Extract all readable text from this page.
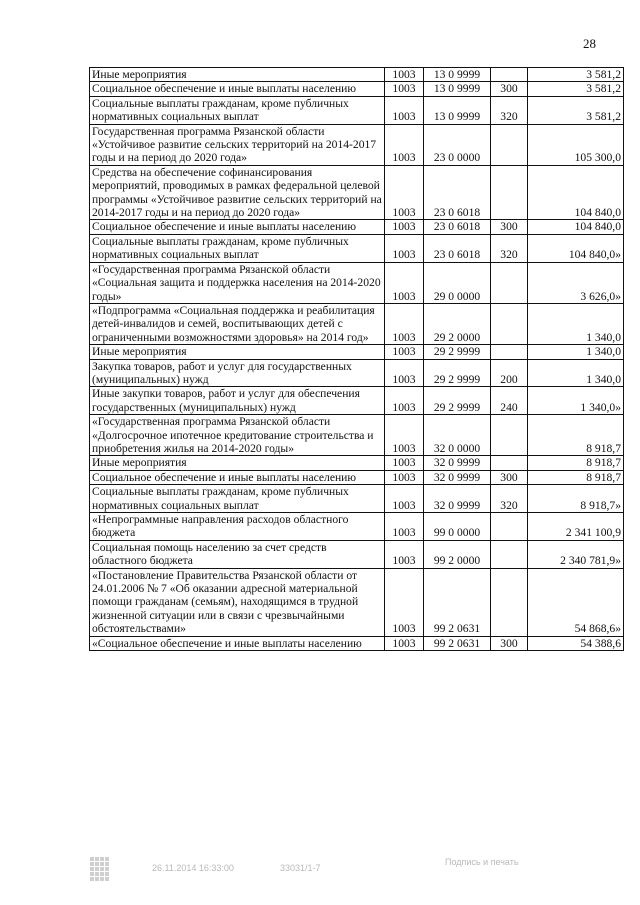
28
Иные мероприятия	1003	13 0 9999		3 581,2
Социальное обеспечение и иные выплаты населению	1003	13 0 9999	300	3 581,2
Социальные выплаты гражданам, кроме публичных нормативных социальных выплат	1003	13 0 9999	320	3 581,2
Государственная программа Рязанской области «Устойчивое развитие сельских территорий на 2014-2017 годы и на период до 2020 года»	1003	23 0 0000		105 300,0
Средства на обеспечение софинансирования мероприятий, проводимых в рамках федеральной целевой программы «Устойчивое развитие сельских территорий на 2014-2017 годы и на период до 2020 года»	1003	23 0 6018		104 840,0
Социальное обеспечение и иные выплаты населению	1003	23 0 6018	300	104 840,0
Социальные выплаты гражданам, кроме публичных нормативных социальных выплат	1003	23 0 6018	320	104 840,0»
«Государственная программа Рязанской области «Социальная защита и поддержка населения на 2014-2020 годы»	1003	29 0 0000		3 626,0»
«Подпрограмма «Социальная поддержка и реабилитация детей-инвалидов и семей, воспитывающих детей с ограниченными возможностями здоровья» на 2014 год»	1003	29 2 0000		1 340,0
Иные мероприятия	1003	29 2 9999		1 340,0
Закупка товаров, работ и услуг для государственных (муниципальных) нужд	1003	29 2 9999	200	1 340,0
Иные закупки товаров, работ и услуг для обеспечения государственных (муниципальных) нужд	1003	29 2 9999	240	1 340,0»
«Государственная программа Рязанской области «Долгосрочное ипотечное кредитование строительства и приобретения жилья на 2014-2020 годы»	1003	32 0 0000		8 918,7
Иные мероприятия	1003	32 0 9999		8 918,7
Социальное обеспечение и иные выплаты населению	1003	32 0 9999	300	8 918,7
Социальные выплаты гражданам, кроме публичных нормативных социальных выплат	1003	32 0 9999	320	8 918,7»
«Непрограммные направления расходов областного бюджета	1003	99 0 0000		2 341 100,9
Социальная помощь населению за счет средств областного бюджета	1003	99 2 0000		2 340 781,9»
«Постановление Правительства Рязанской области от 24.01.2006 № 7 «Об оказании адресной материальной помощи гражданам (семьям), находящимся в трудной жизненной ситуации или в связи с чрезвычайными обстоятельствами»	1003	99 2 0631		54 868,6»
«Социальное обеспечение и иные выплаты населению	1003	99 2 0631	300	54 388,6
26.11.2014 16:33:00	33031/1-7
Подпись и печать
